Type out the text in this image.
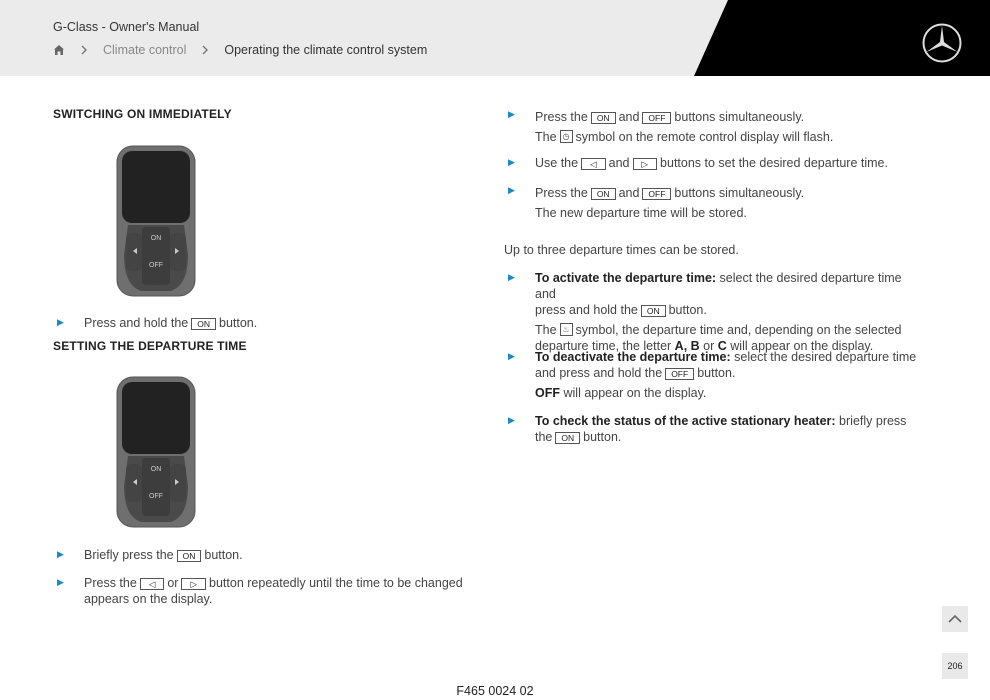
G-Class - Owner's Manual
Climate control	Operating the climate control system
SWITCHING ON IMMEDIATELY
ON
OFF
▶ Press and hold the ON button.
SETTING THE DEPARTURE TIME
ON
OFF
▶ Briefly press the ON button.
▶ Press the ◁ or ▷ button repeatedly until the time to be changed
appears on the display.
▶ Press the ON and OFF buttons simultaneously.
The ◷ symbol on the remote control display will flash.
▶ Use the ◁ and ▷ buttons to set the desired departure time.
▶ Press the ON and OFF buttons simultaneously.
The new departure time will be stored.
Up to three departure times can be stored.
▶ To activate the departure time: select the desired departure time and
press and hold the ON button.
The ♨ symbol, the departure time and, depending on the selected
departure time, the letter A, B or C will appear on the display.
▶ To deactivate the departure time: select the desired departure time
and press and hold the OFF button.
OFF will appear on the display.
▶ To check the status of the active stationary heater: briefly press
the ON button.
206
F465 0024 02
